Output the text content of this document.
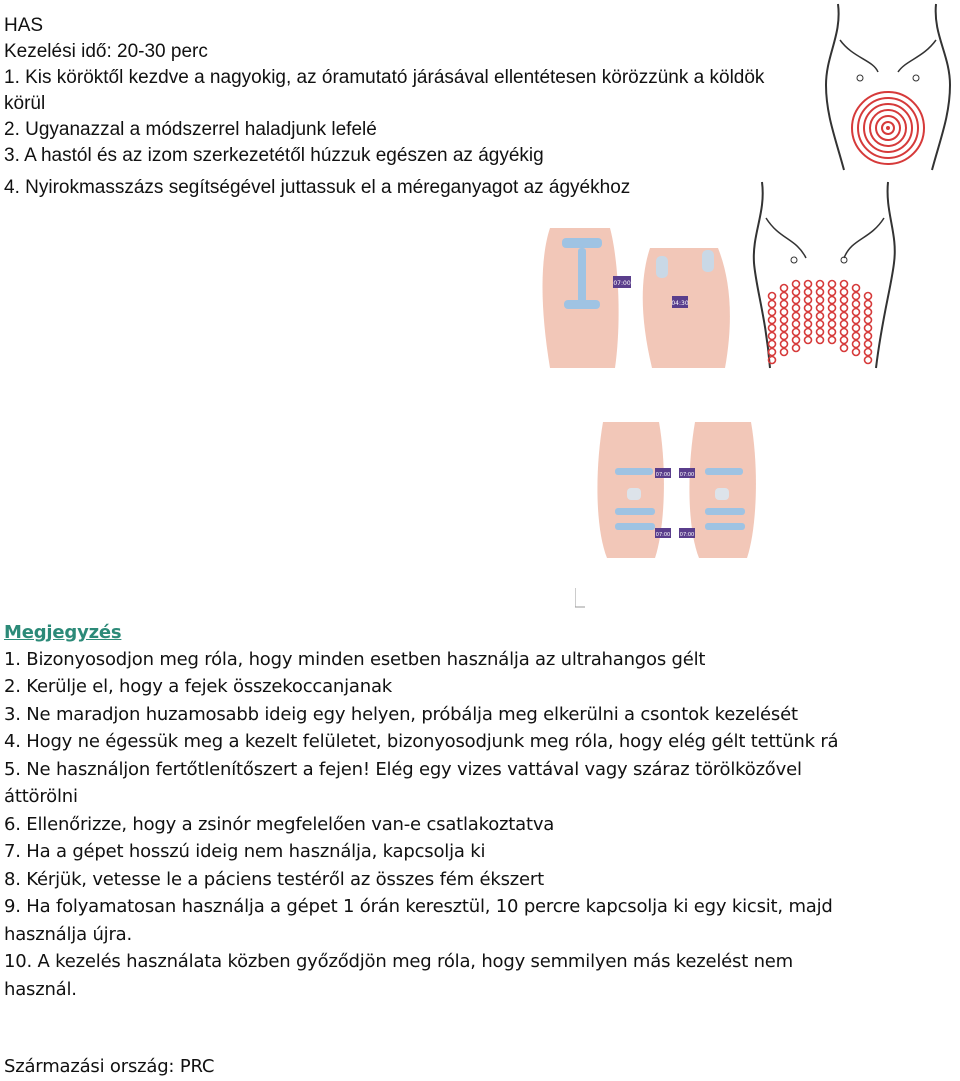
HAS
Kezelési idő: 20-30 perc
1. Kis köröktől kezdve a nagyokig, az óramutató járásával ellentétesen körözzünk a köldök
körül
2. Ugyanazzal a módszerrel haladjunk lefelé
3. A hastól és az izom szerkezetétől húzzuk egészen az ágyékig
4. Nyirokmasszázs segítségével juttassuk el a méreganyagot az ágyékhoz
07:00
04:30
07:00
07:00
07:00
07:00
Megjegyzés
1. Bizonyosodjon meg róla, hogy minden esetben használja az ultrahangos gélt
2. Kerülje el, hogy a fejek összekoccanjanak
3. Ne maradjon huzamosabb ideig egy helyen, próbálja meg elkerülni a csontok kezelését
4. Hogy ne égessük meg a kezelt felületet, bizonyosodjunk meg róla, hogy elég gélt tettünk rá
5. Ne használjon fertőtlenítőszert a fejen! Elég egy vizes vattával vagy száraz törölközővel
áttörölni
6. Ellenőrizze, hogy a zsinór megfelelően van-e csatlakoztatva
7. Ha a gépet hosszú ideig nem használja, kapcsolja ki
8. Kérjük, vetesse le a páciens testéről az összes fém ékszert
9. Ha folyamatosan használja a gépet 1 órán keresztül, 10 percre kapcsolja ki egy kicsit, majd
használja újra.
10. A kezelés használata közben győződjön meg róla, hogy semmilyen más kezelést nem
használ.
Származási ország: PRC
